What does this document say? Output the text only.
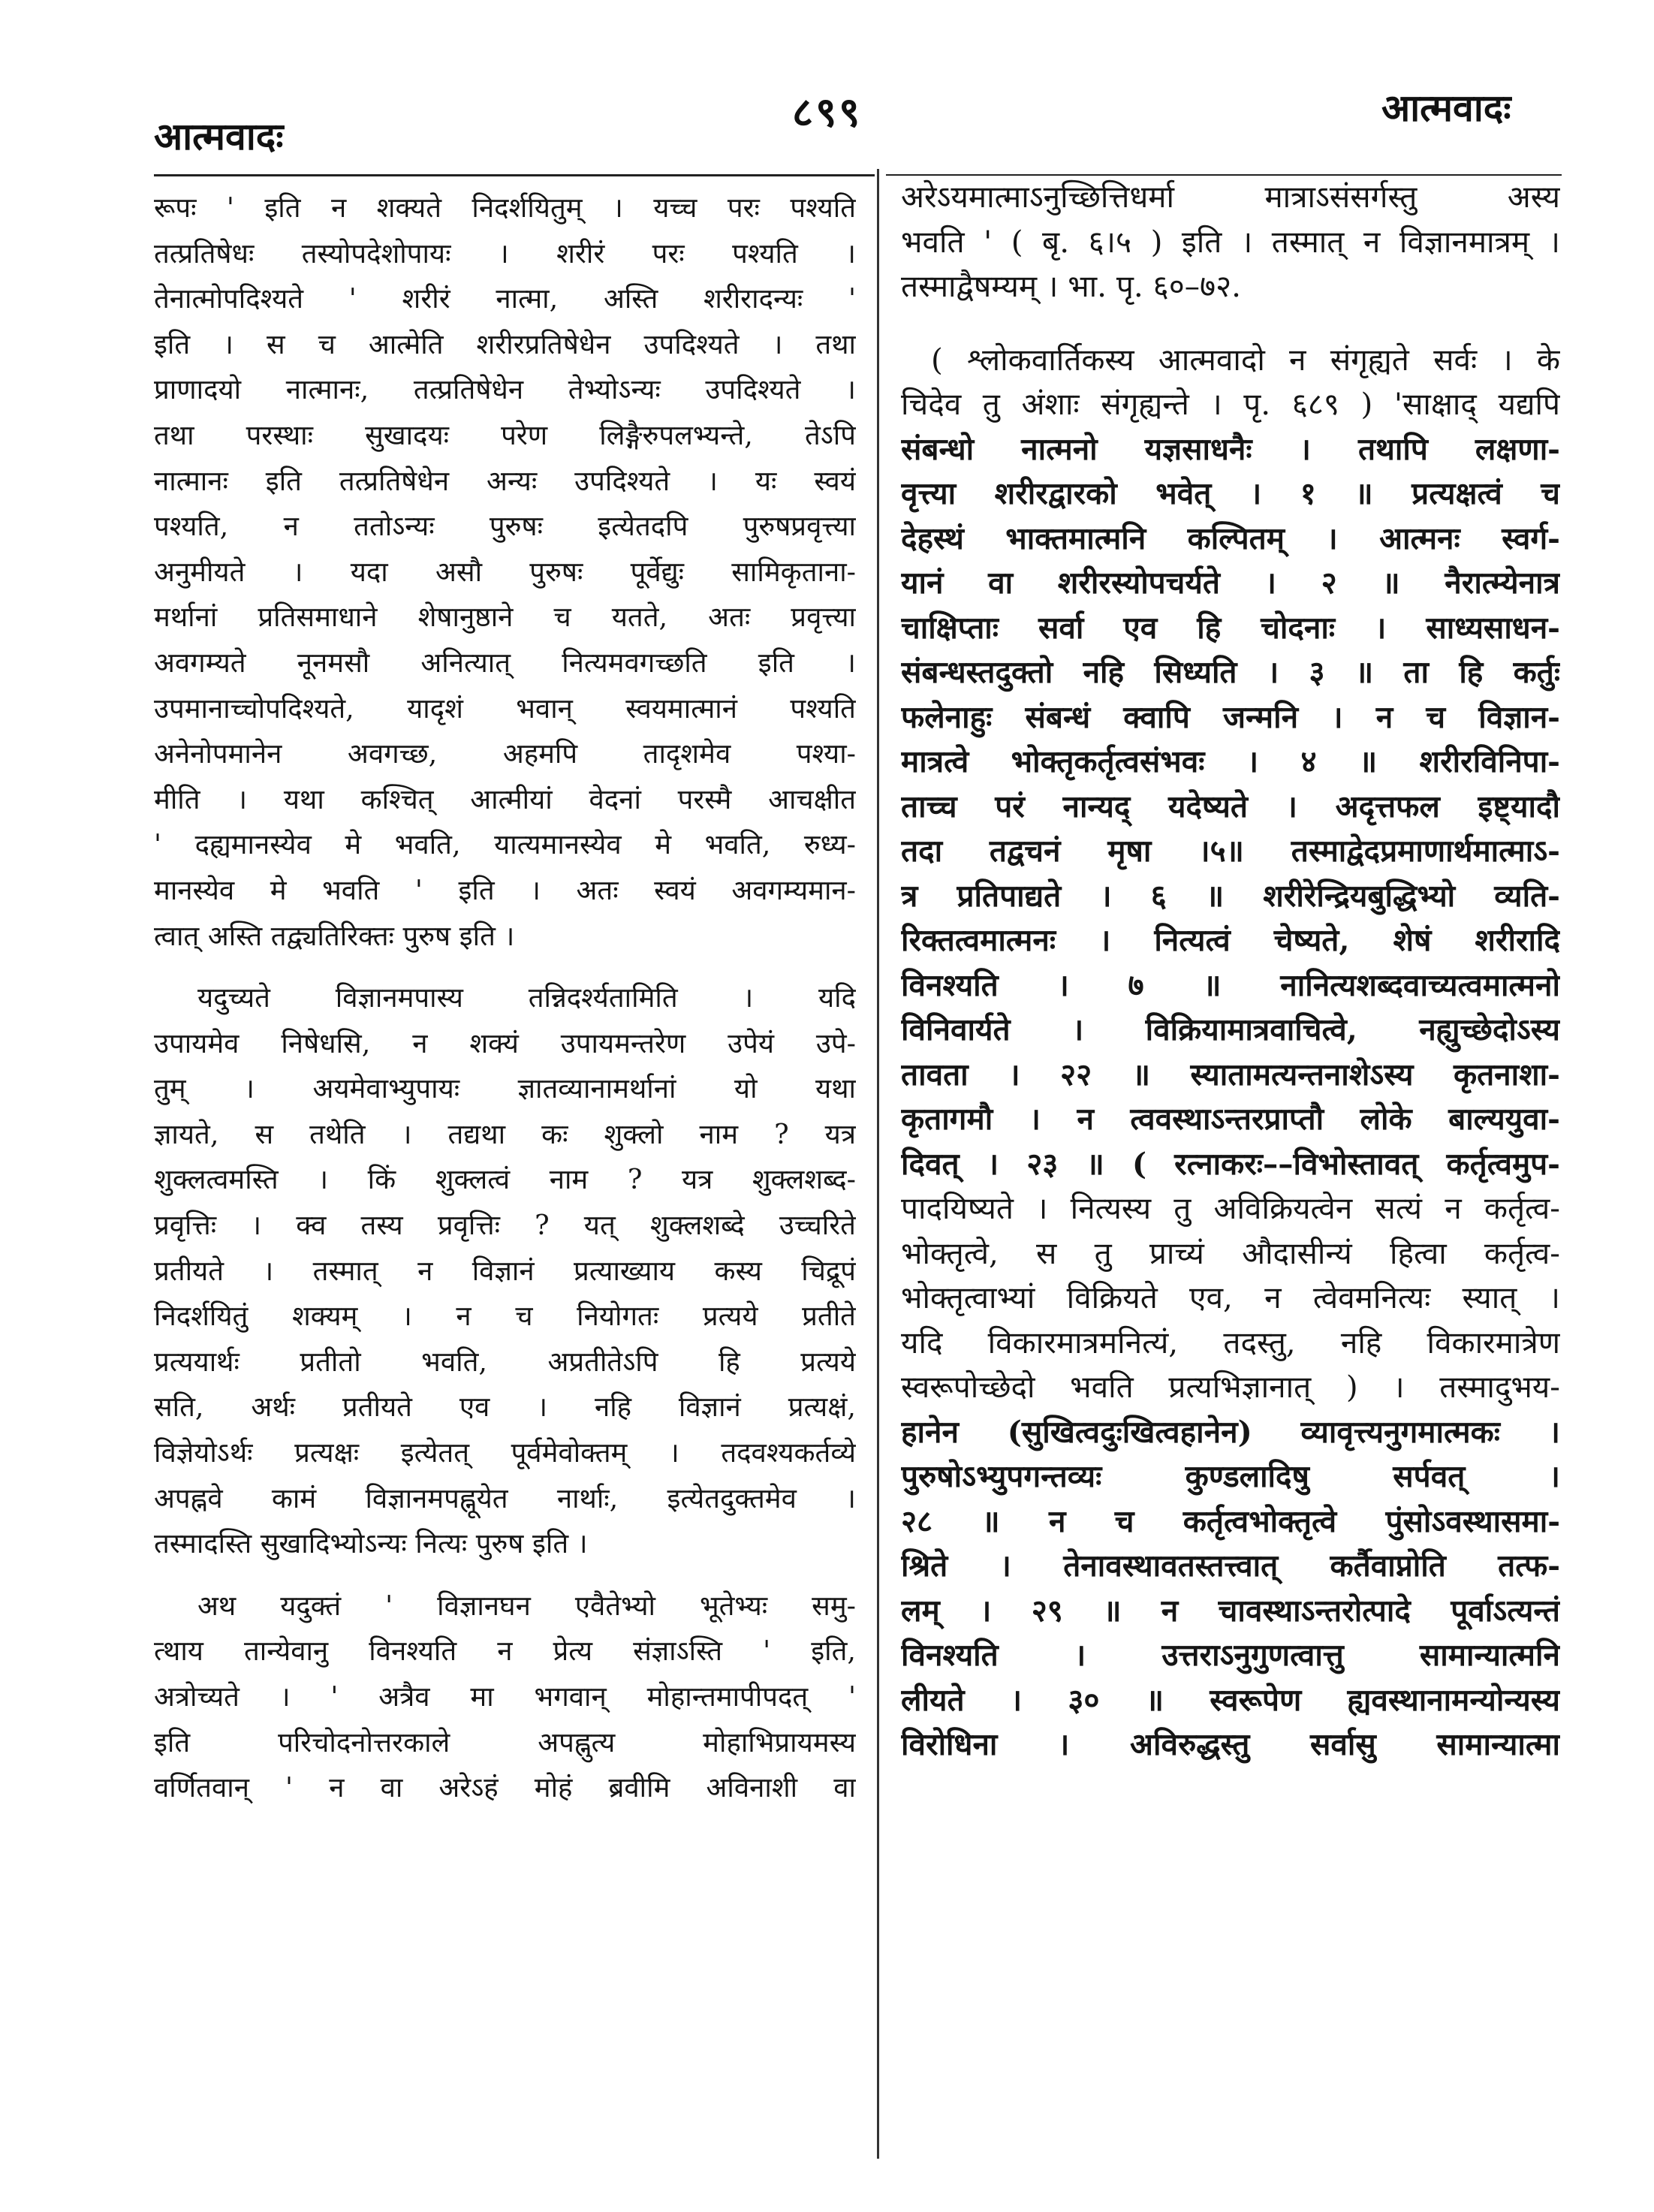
आत्मवादः
८९९	आत्मवादः
रूपः ' इति न शक्यते निदर्शयितुम् । यच्च परः पश्यति
तत्प्रतिषेधः तस्योपदेशोपायः । शरीरं परः पश्यति ।
तेनात्मोपदिश्यते ' शरीरं नात्मा, अस्ति शरीरादन्यः '
इति । स च आत्मेति शरीरप्रतिषेधेन उपदिश्यते । तथा
प्राणादयो नात्मानः, तत्प्रतिषेधेन तेभ्योऽन्यः उपदिश्यते ।
तथा परस्थाः सुखादयः परेण लिङ्गैरुपलभ्यन्ते, तेऽपि
नात्मानः इति तत्प्रतिषेधेन अन्यः उपदिश्यते । यः स्वयं
पश्यति, न ततोऽन्यः पुरुषः इत्येतदपि पुरुषप्रवृत्त्या
अनुमीयते । यदा असौ पुरुषः पूर्वेद्युः सामिकृताना-
मर्थानां प्रतिसमाधाने शेषानुष्ठाने च यतते, अतः प्रवृत्त्या
अवगम्यते नूनमसौ अनित्यात् नित्यमवगच्छति इति ।
उपमानाच्चोपदिश्यते, यादृशं भवान् स्वयमात्मानं पश्यति
अनेनोपमानेन अवगच्छ, अहमपि तादृशमेव पश्या-
मीति । यथा कश्चित् आत्मीयां वेदनां परस्मै आचक्षीत
' दह्यमानस्येव मे भवति, यात्यमानस्येव मे भवति, रुध्य-
मानस्येव मे भवति ' इति । अतः स्वयं अवगम्यमान-
त्वात् अस्ति तद्व्यतिरिक्तः पुरुष इति ।
यदुच्यते विज्ञानमपास्य तन्निदर्श्यतामिति । यदि
उपायमेव निषेधसि, न शक्यं उपायमन्तरेण उपेयं उपे-
तुम् । अयमेवाभ्युपायः ज्ञातव्यानामर्थानां यो यथा
ज्ञायते, स तथेति । तद्यथा कः शुक्लो नाम ? यत्र
शुक्लत्वमस्ति । किं शुक्लत्वं नाम ? यत्र शुक्लशब्द-
प्रवृत्तिः । क्व तस्य प्रवृत्तिः ? यत् शुक्लशब्दे उच्चरिते
प्रतीयते । तस्मात् न विज्ञानं प्रत्याख्याय कस्य चिद्रूपं
निदर्शयितुं शक्यम् । न च नियोगतः प्रत्यये प्रतीते
प्रत्ययार्थः प्रतीतो भवति, अप्रतीतेऽपि हि प्रत्यये
सति, अर्थः प्रतीयते एव । नहि विज्ञानं प्रत्यक्षं,
विज्ञेयोऽर्थः प्रत्यक्षः इत्येतत् पूर्वमेवोक्तम् । तदवश्यकर्तव्ये
अपह्नवे कामं विज्ञानमपह्नूयेत नार्थाः, इत्येतदुक्तमेव ।
तस्मादस्ति सुखादिभ्योऽन्यः नित्यः पुरुष इति ।
अथ यदुक्तं ' विज्ञानघन एवैतेभ्यो भूतेभ्यः समु-
त्थाय तान्येवानु विनश्यति न प्रेत्य संज्ञाऽस्ति ' इति,
अत्रोच्यते । ' अत्रैव मा भगवान् मोहान्तमापीपदत् '
इति परिचोदनोत्तरकाले अपह्नुत्य मोहाभिप्रायमस्य
वर्णितवान् ' न वा अरेऽहं मोहं ब्रवीमि अविनाशी वा
अरेऽयमात्माऽनुच्छित्तिधर्मा मात्राऽसंसर्गस्तु अस्य
भवति ' ( बृ. ६।५ ) इति । तस्मात् न विज्ञानमात्रम् ।
तस्माद्वैषम्यम् । भा. पृ. ६०–७२.
( श्लोकवार्तिकस्य आत्मवादो न संगृह्यते सर्वः । के
चिदेव तु अंशाः संगृह्यन्ते । पृ. ६८९ ) 'साक्षाद् यद्यपि
संबन्धो नात्मनो यज्ञसाधनैः । तथापि लक्षणा-
वृत्त्या शरीरद्वारको भवेत् । १ ॥ प्रत्यक्षत्वं च
देहस्थं भाक्तमात्मनि कल्पितम् । आत्मनः स्वर्ग-
यानं वा शरीरस्योपचर्यते । २ ॥ नैरात्म्येनात्र
चाक्षिप्ताः सर्वा एव हि चोदनाः । साध्यसाधन-
संबन्धस्तदुक्तो नहि सिध्यति । ३ ॥ ता हि कर्तुः
फलेनाहुः संबन्धं क्वापि जन्मनि । न च विज्ञान-
मात्रत्वे भोक्तृकर्तृत्वसंभवः । ४ ॥ शरीरविनिपा-
ताच्च परं नान्यद् यदेष्यते । अदृत्तफल इष्ट्यादौ
तदा तद्वचनं मृषा ।५॥ तस्माद्वेदप्रमाणार्थमात्माऽ-
त्र प्रतिपाद्यते । ६ ॥ शरीरेन्द्रियबुद्धिभ्यो व्यति-
रिक्तत्वमात्मनः । नित्यत्वं चेष्यते, शेषं शरीरादि
विनश्यति । ७ ॥ नानित्यशब्दवाच्यत्वमात्मनो
विनिवार्यते । विक्रियामात्रवाचित्वे, नह्युच्छेदोऽस्य
तावता । २२ ॥ स्यातामत्यन्तनाशेऽस्य कृतनाशा-
कृतागमौ । न त्ववस्थाऽन्तरप्राप्तौ लोके बाल्ययुवा-
दिवत् । २३ ॥ ( रत्नाकरः––विभोस्तावत् कर्तृत्वमुप-
पादयिष्यते । नित्यस्य तु अविक्रियत्वेन सत्यं न कर्तृत्व-
भोक्तृत्वे, स तु प्राच्यं औदासीन्यं हित्वा कर्तृत्व-
भोक्तृत्वाभ्यां विक्रियते एव, न त्वेवमनित्यः स्यात् ।
यदि विकारमात्रमनित्यं, तदस्तु, नहि विकारमात्रेण
स्वरूपोच्छेदो भवति प्रत्यभिज्ञानात् ) । तस्मादुभय-
हानेन (सुखित्वदुःखित्वहानेन) व्यावृत्त्यनुगमात्मकः ।
पुरुषोऽभ्युपगन्तव्यः कुण्डलादिषु सर्पवत् ।
२८ ॥ न च कर्तृत्वभोक्तृत्वे पुंसोऽवस्थासमा-
श्रिते । तेनावस्थावतस्तत्त्वात् कर्तैवाप्नोति तत्फ-
लम् । २९ ॥ न चावस्थाऽन्तरोत्पादे पूर्वाऽत्यन्तं
विनश्यति । उत्तराऽनुगुणत्वात्तु सामान्यात्मनि
लीयते । ३० ॥ स्वरूपेण ह्यवस्थानामन्योन्यस्य
विरोधिना । अविरुद्धस्तु सर्वासु सामान्यात्मा
